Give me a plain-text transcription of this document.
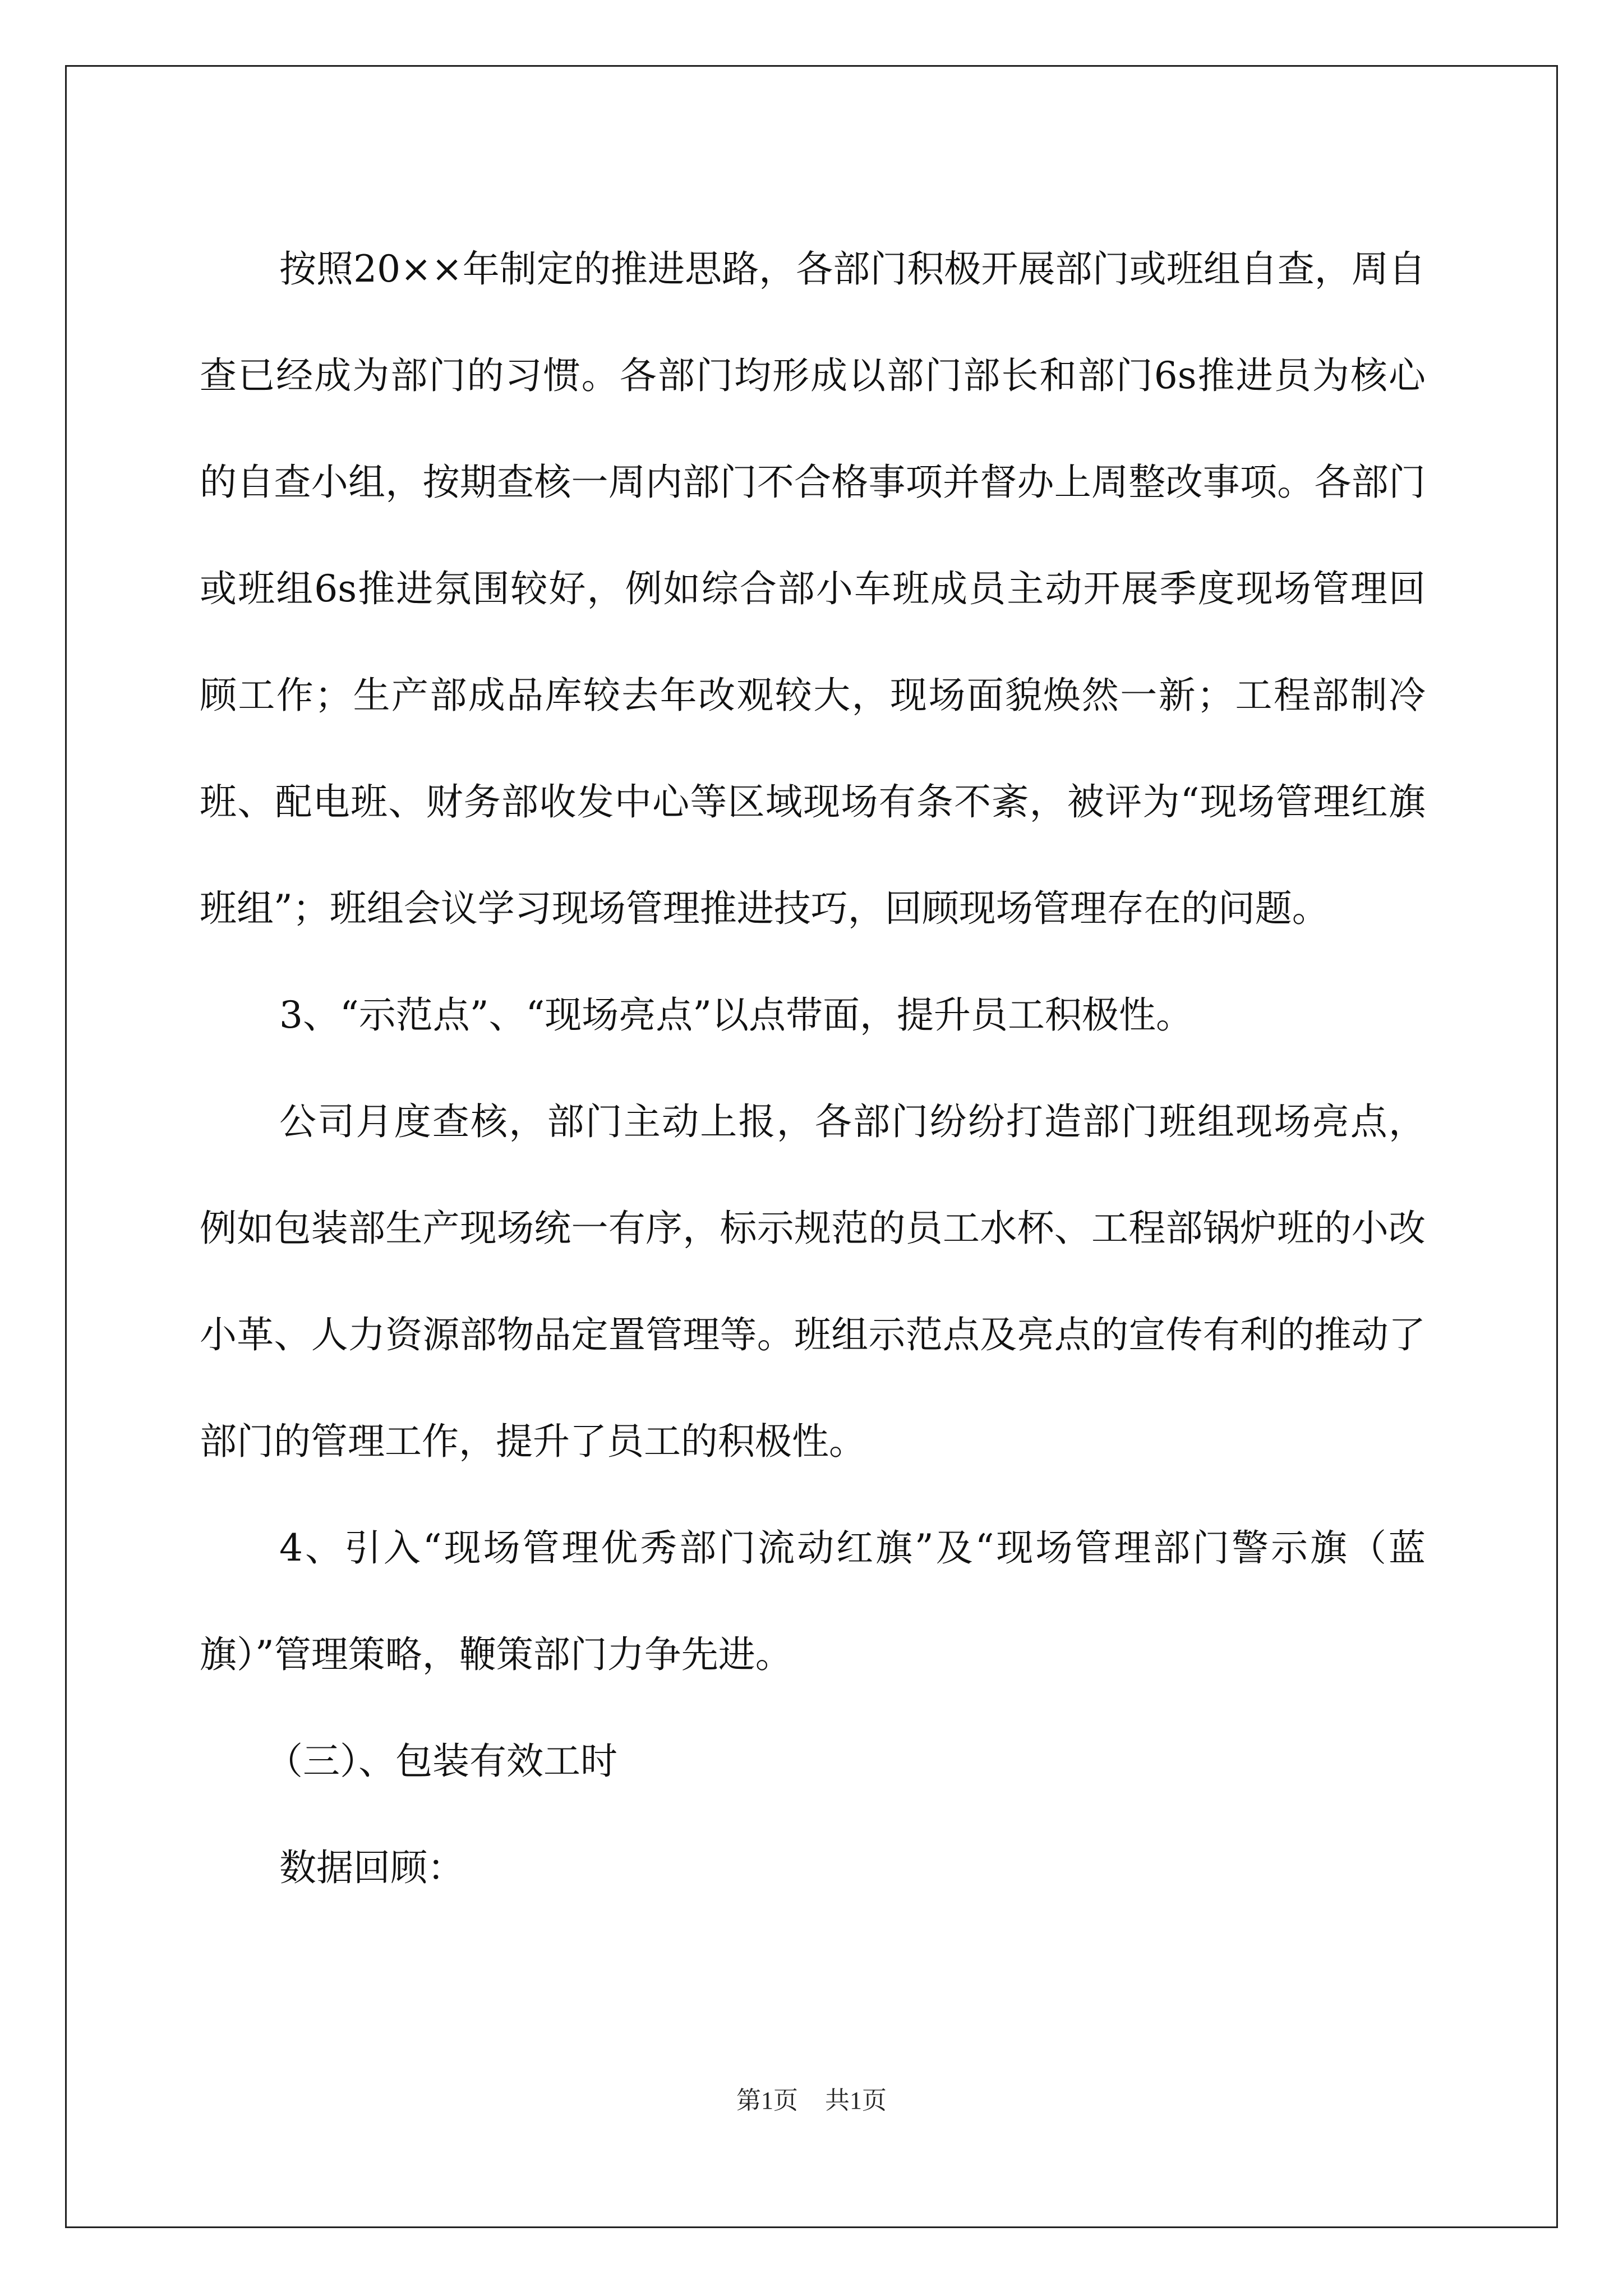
按照20××年制定的推进思路，各部门积极开展部门或班组自查，周自查已经成为部门的习惯。各部门均形成以部门部长和部门6s推进员为核心的自查小组，按期查核一周内部门不合格事项并督办上周整改事项。各部门或班组6s推进氛围较好，例如综合部小车班成员主动开展季度现场管理回顾工作；生产部成品库较去年改观较大，现场面貌焕然一新；工程部制冷班、配电班、财务部收发中心等区域现场有条不紊，被评为“现场管理红旗班组”；班组会议学习现场管理推进技巧，回顾现场管理存在的问题。

3、“示范点”、“现场亮点”以点带面，提升员工积极性。

公司月度查核，部门主动上报，各部门纷纷打造部门班组现场亮点，例如包装部生产现场统一有序，标示规范的员工水杯、工程部锅炉班的小改小革、人力资源部物品定置管理等。班组示范点及亮点的宣传有利的推动了部门的管理工作，提升了员工的积极性。

4、引入“现场管理优秀部门流动红旗”及“现场管理部门警示旗（蓝旗）”管理策略，鞭策部门力争先进。

（三）、包装有效工时

数据回顾：

第1页 共1页
